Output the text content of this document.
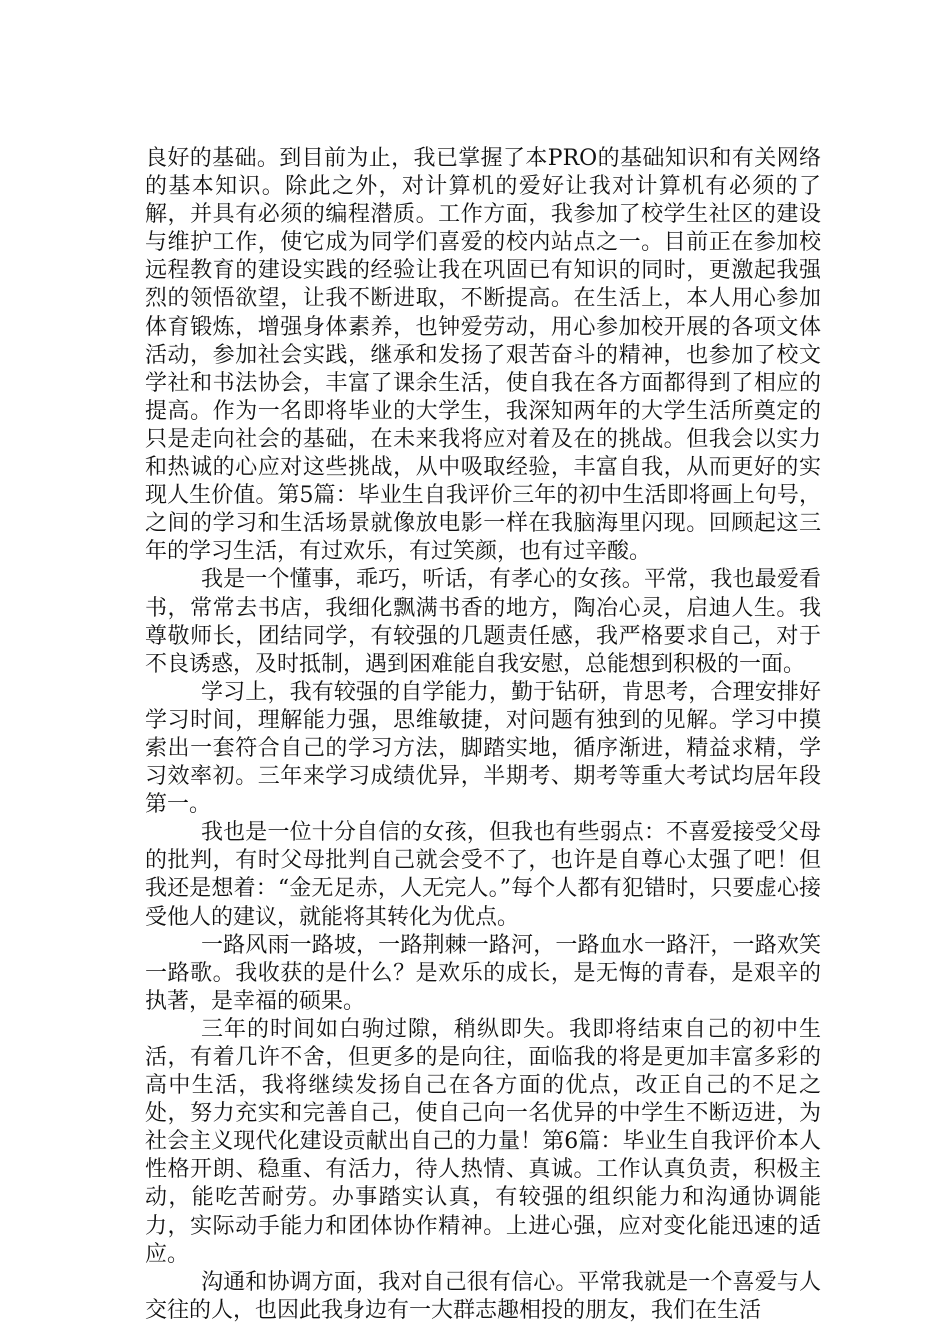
良好的基础。到目前为止，我已掌握了本PRO的基础知识和有关网络的基本知识。除此之外，对计算机的爱好让我对计算机有必须的了解，并具有必须的编程潜质。工作方面，我参加了校学生社区的建设与维护工作，使它成为同学们喜爱的校内站点之一。目前正在参加校远程教育的建设实践的经验让我在巩固已有知识的同时，更激起我强烈的领悟欲望，让我不断进取，不断提高。在生活上，本人用心参加体育锻炼，增强身体素养，也钟爱劳动，用心参加校开展的各项文体活动，参加社会实践，继承和发扬了艰苦奋斗的精神，也参加了校文学社和书法协会，丰富了课余生活，使自我在各方面都得到了相应的提高。作为一名即将毕业的大学生，我深知两年的大学生活所奠定的只是走向社会的基础，在未来我将应对着及在的挑战。但我会以实力和热诚的心应对这些挑战，从中吸取经验，丰富自我，从而更好的实现人生价值。第5篇：毕业生自我评价三年的初中生活即将画上句号，之间的学习和生活场景就像放电影一样在我脑海里闪现。回顾起这三年的学习生活，有过欢乐，有过笑颜，也有过辛酸。

我是一个懂事，乖巧，听话，有孝心的女孩。平常，我也最爱看书，常常去书店，我细化飘满书香的地方，陶冶心灵，启迪人生。我尊敬师长，团结同学，有较强的几题责任感，我严格要求自己，对于不良诱惑，及时抵制，遇到困难能自我安慰，总能想到积极的一面。

学习上，我有较强的自学能力，勤于钻研，肯思考，合理安排好学习时间，理解能力强，思维敏捷，对问题有独到的见解。学习中摸索出一套符合自己的学习方法，脚踏实地，循序渐进，精益求精，学习效率初。三年来学习成绩优异，半期考、期考等重大考试均居年段第一。

我也是一位十分自信的女孩，但我也有些弱点：不喜爱接受父母的批判，有时父母批判自己就会受不了，也许是自尊心太强了吧！但我还是想着：“金无足赤，人无完人。”每个人都有犯错时，只要虚心接受他人的建议，就能将其转化为优点。

一路风雨一路坡，一路荆棘一路河，一路血水一路汗，一路欢笑一路歌。我收获的是什么？是欢乐的成长，是无悔的青春，是艰辛的执著，是幸福的硕果。

三年的时间如白驹过隙，稍纵即失。我即将结束自己的初中生活，有着几许不舍，但更多的是向往，面临我的将是更加丰富多彩的高中生活，我将继续发扬自己在各方面的优点，改正自己的不足之处，努力充实和完善自己，使自己向一名优异的中学生不断迈进，为社会主义现代化建设贡献出自己的力量！第6篇：毕业生自我评价本人性格开朗、稳重、有活力，待人热情、真诚。工作认真负责，积极主动，能吃苦耐劳。办事踏实认真，有较强的组织能力和沟通协调能力，实际动手能力和团体协作精神。上进心强，应对变化能迅速的适应。

沟通和协调方面，我对自己很有信心。平常我就是一个喜爱与人交往的人，也因此我身边有一大群志趣相投的朋友，我们在生活
